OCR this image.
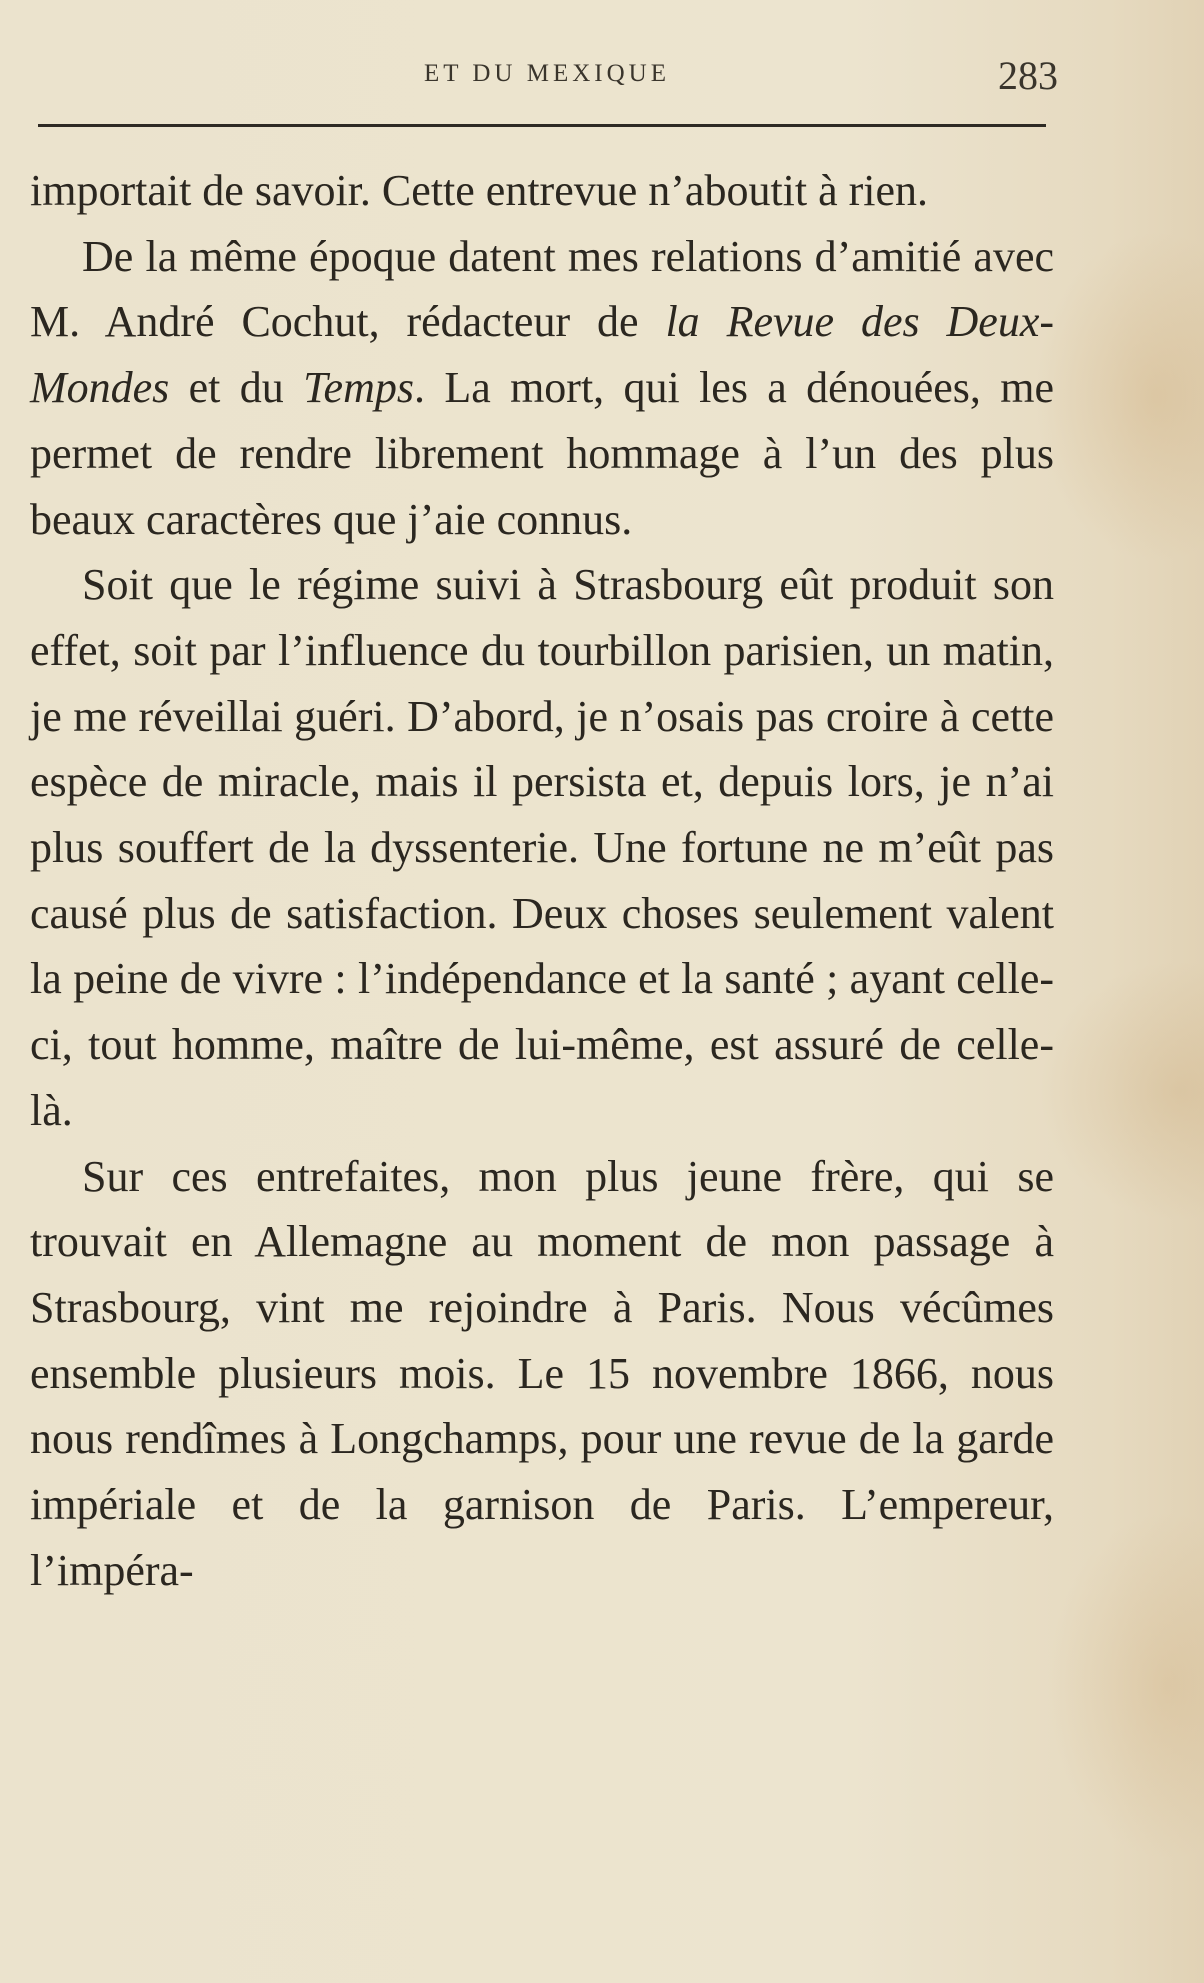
ET DU MEXIQUE	283

importait de savoir. Cette entrevue n’aboutit à rien.

De la même époque datent mes relations d’amitié avec M. André Cochut, rédacteur de la Revue des Deux-Mondes et du Temps. La mort, qui les a dénouées, me permet de rendre librement hommage à l’un des plus beaux caractères que j’aie connus.

Soit que le régime suivi à Strasbourg eût produit son effet, soit par l’influence du tourbillon parisien, un matin, je me réveillai guéri. D’abord, je n’osais pas croire à cette espèce de miracle, mais il persista et, depuis lors, je n’ai plus souffert de la dyssenterie. Une fortune ne m’eût pas causé plus de satisfaction. Deux choses seulement valent la peine de vivre : l’indépendance et la santé ; ayant celle-ci, tout homme, maître de lui-même, est assuré de celle-là.

Sur ces entrefaites, mon plus jeune frère, qui se trouvait en Allemagne au moment de mon passage à Strasbourg, vint me rejoindre à Paris. Nous vécûmes ensemble plusieurs mois. Le 15 novembre 1866, nous nous rendîmes à Longchamps, pour une revue de la garde impériale et de la garnison de Paris. L’empereur, l’impéra-
